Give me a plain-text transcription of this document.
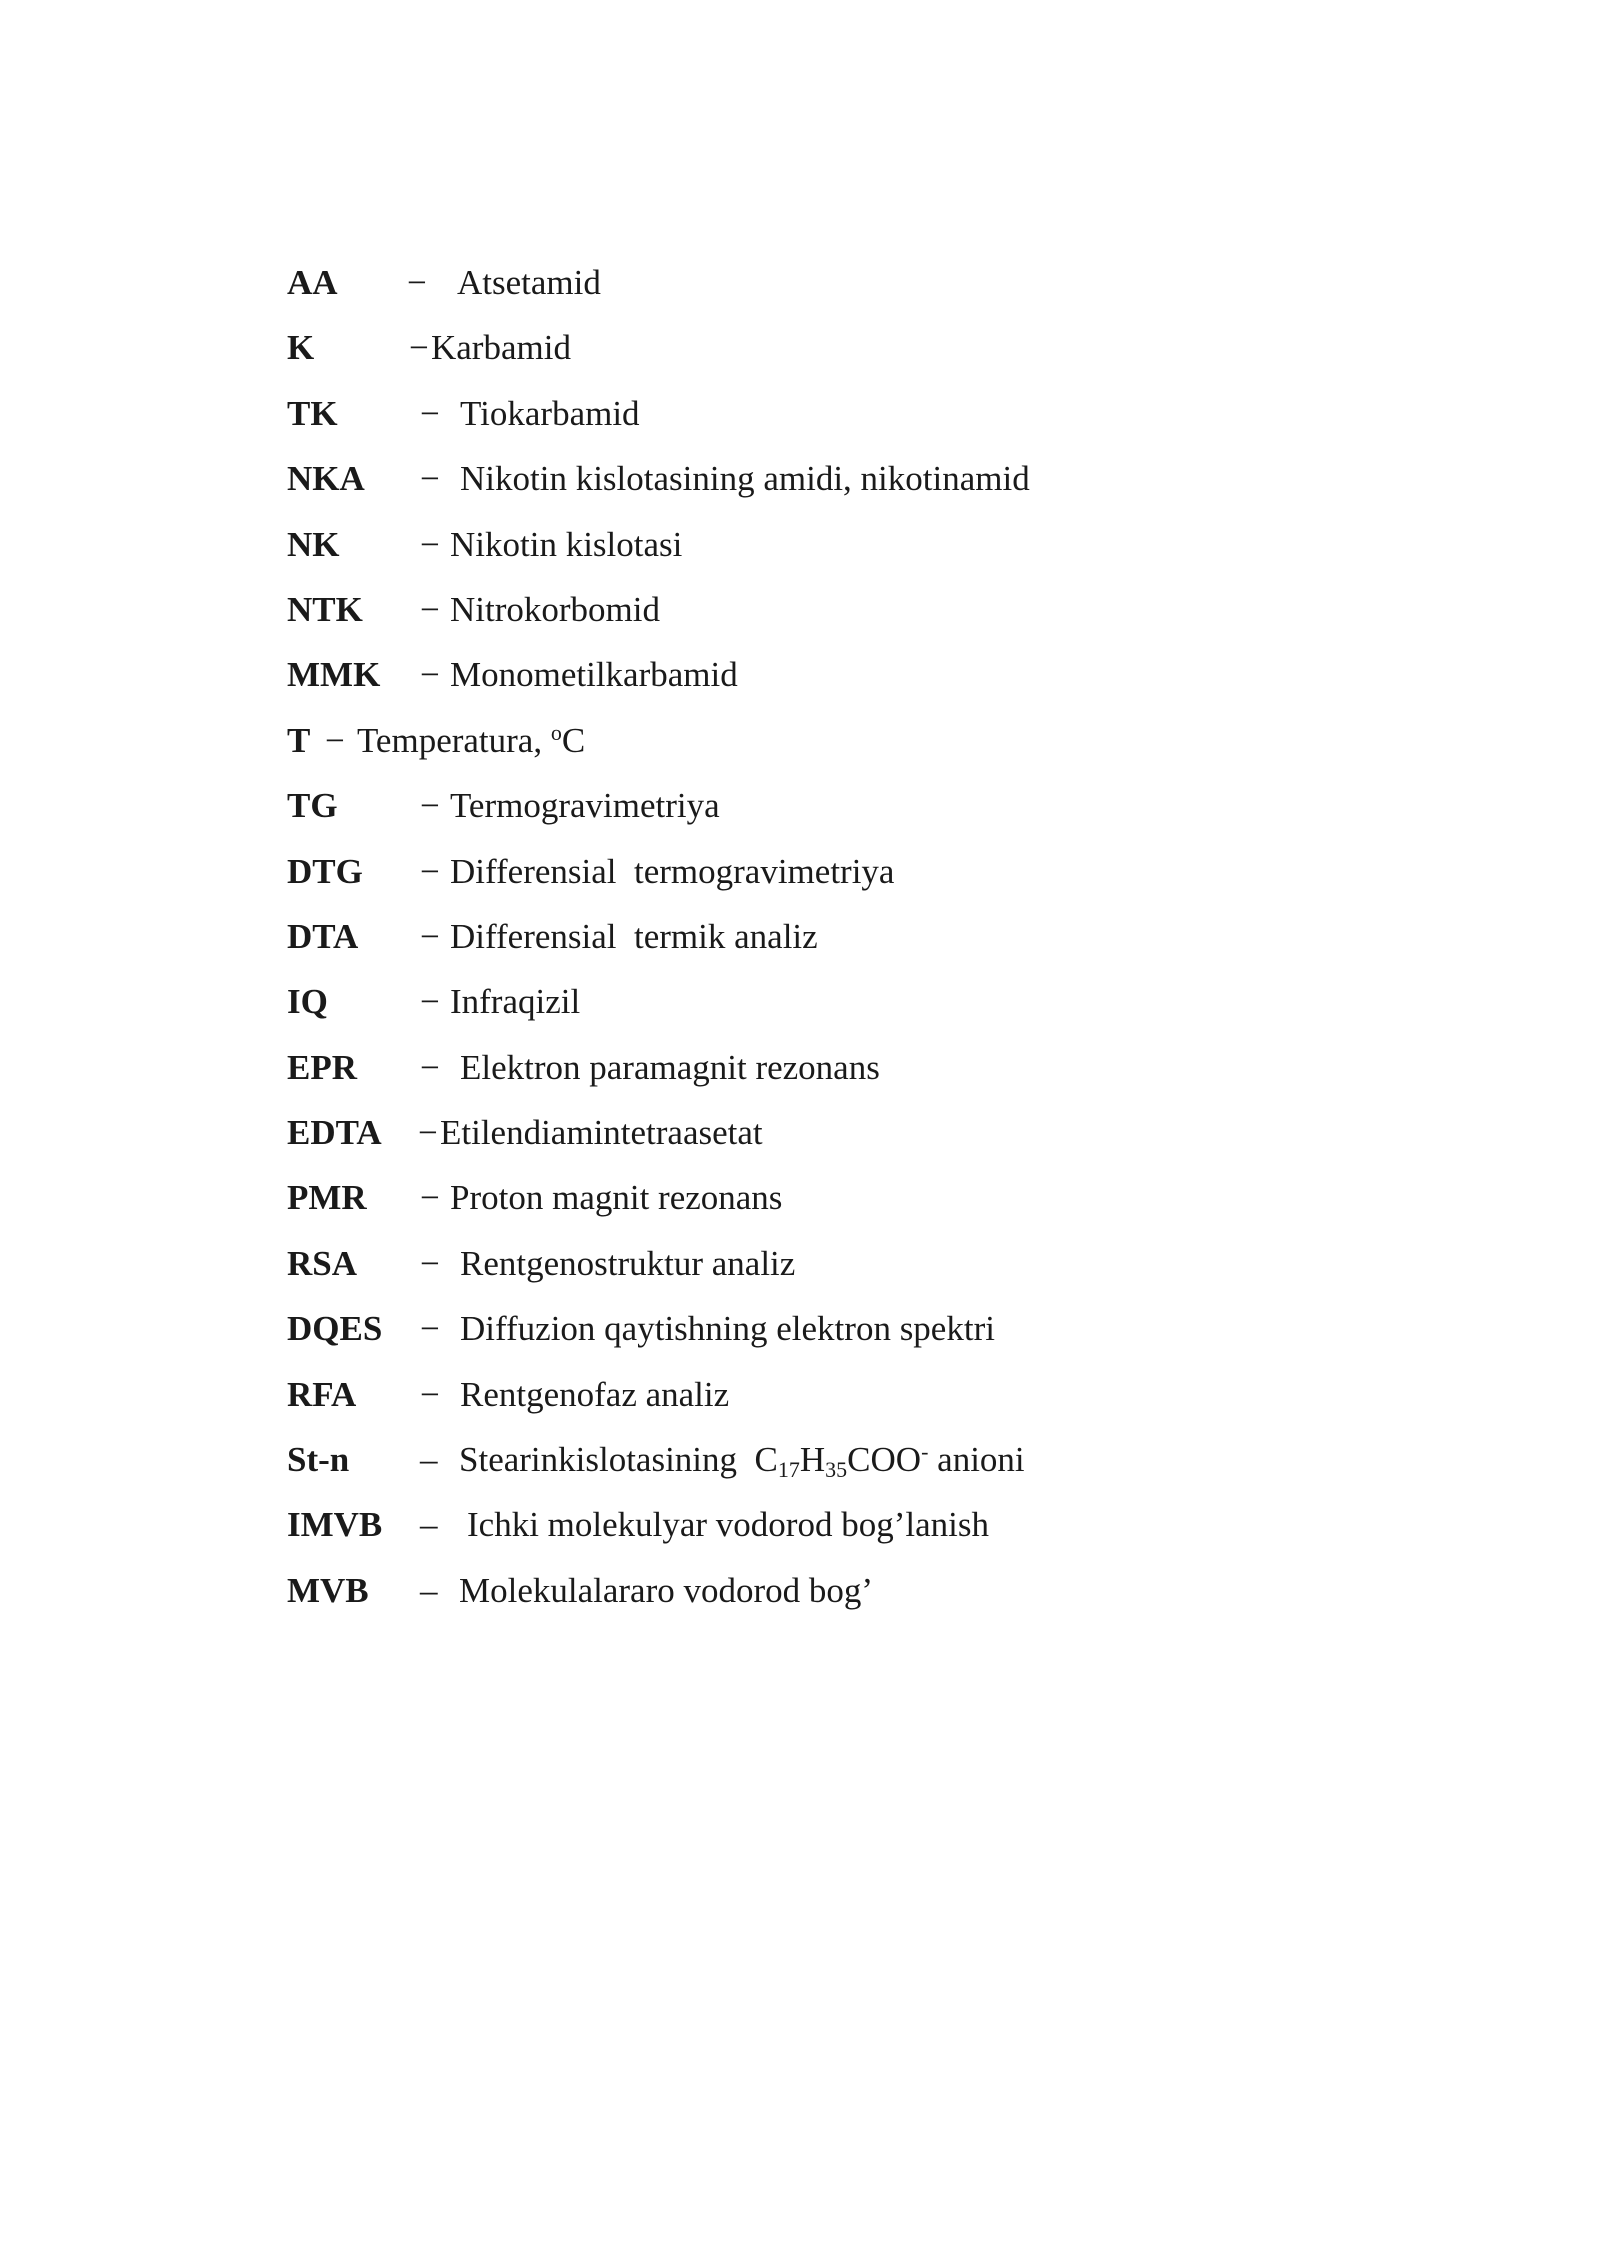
AA − Atsetamid
K	− Karbamid
TK − Tiokarbamid
NKA − Nikotin kislotasining amidi, nikotinamid
NK − Nikotin kislotasi
NTK − Nitrokorbomid
MMK − Monometilkarbamid
T − Temperatura, $^o$C
TG − Termogravimetriya
DTG − Differensial  termogravimetriya
DTA − Differensial  termik analiz
IQ	− Infraqizil
EPR − Elektron paramagnit rezonans
EDTA − Etilendiamintetraasetat
PMR − Proton magnit rezonans
RSA − Rentgenostruktur analiz
DQES − Diffuzion qaytishning elektron spektri
RFA − Rentgenofaz analiz
St-n – Stearinkislotasining  $C_{17}H_{35}COO^-$ anioni
IMVB – Ichki molekulyar vodorod bog’lanish
MVB – Molekulalararo vodorod bog’
